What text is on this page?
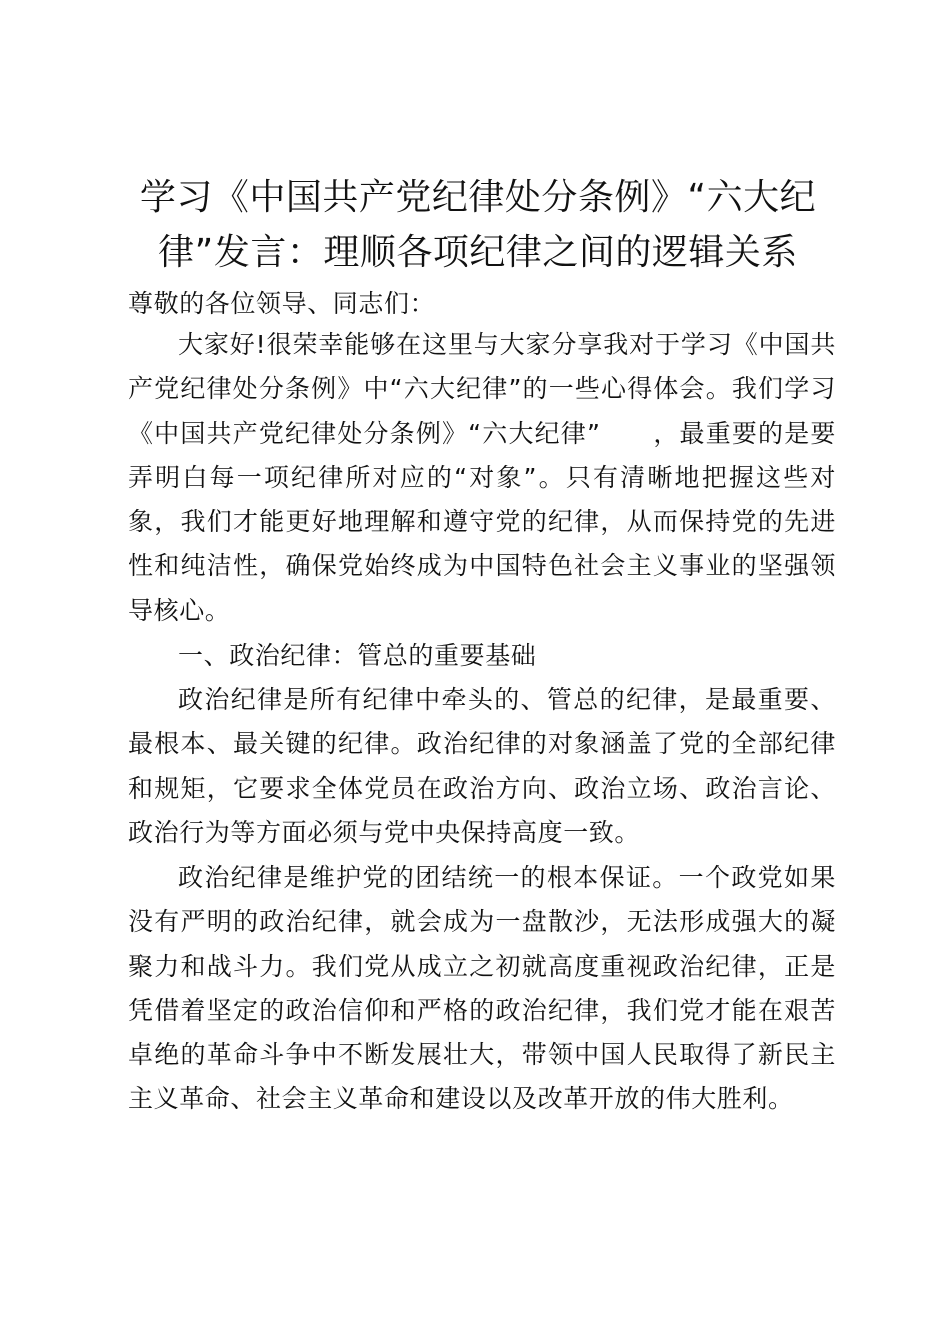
学习《中国共产党纪律处分条例》“六大纪律”发言：理顺各项纪律之间的逻辑关系

尊敬的各位领导、同志们：

大家好!很荣幸能够在这里与大家分享我对于学习《中国共产党纪律处分条例》中“六大纪律”的一些心得体会。我们学习《中国共产党纪律处分条例》“六大纪律”　　，最重要的是要弄明白每一项纪律所对应的“对象”。只有清晰地把握这些对象，我们才能更好地理解和遵守党的纪律，从而保持党的先进性和纯洁性，确保党始终成为中国特色社会主义事业的坚强领导核心。

一、政治纪律：管总的重要基础

政治纪律是所有纪律中牵头的、管总的纪律，是最重要、最根本、最关键的纪律。政治纪律的对象涵盖了党的全部纪律和规矩，它要求全体党员在政治方向、政治立场、政治言论、政治行为等方面必须与党中央保持高度一致。

政治纪律是维护党的团结统一的根本保证。一个政党如果没有严明的政治纪律，就会成为一盘散沙，无法形成强大的凝聚力和战斗力。我们党从成立之初就高度重视政治纪律，正是凭借着坚定的政治信仰和严格的政治纪律，我们党才能在艰苦卓绝的革命斗争中不断发展壮大，带领中国人民取得了新民主主义革命、社会主义革命和建设以及改革开放的伟大胜利。
